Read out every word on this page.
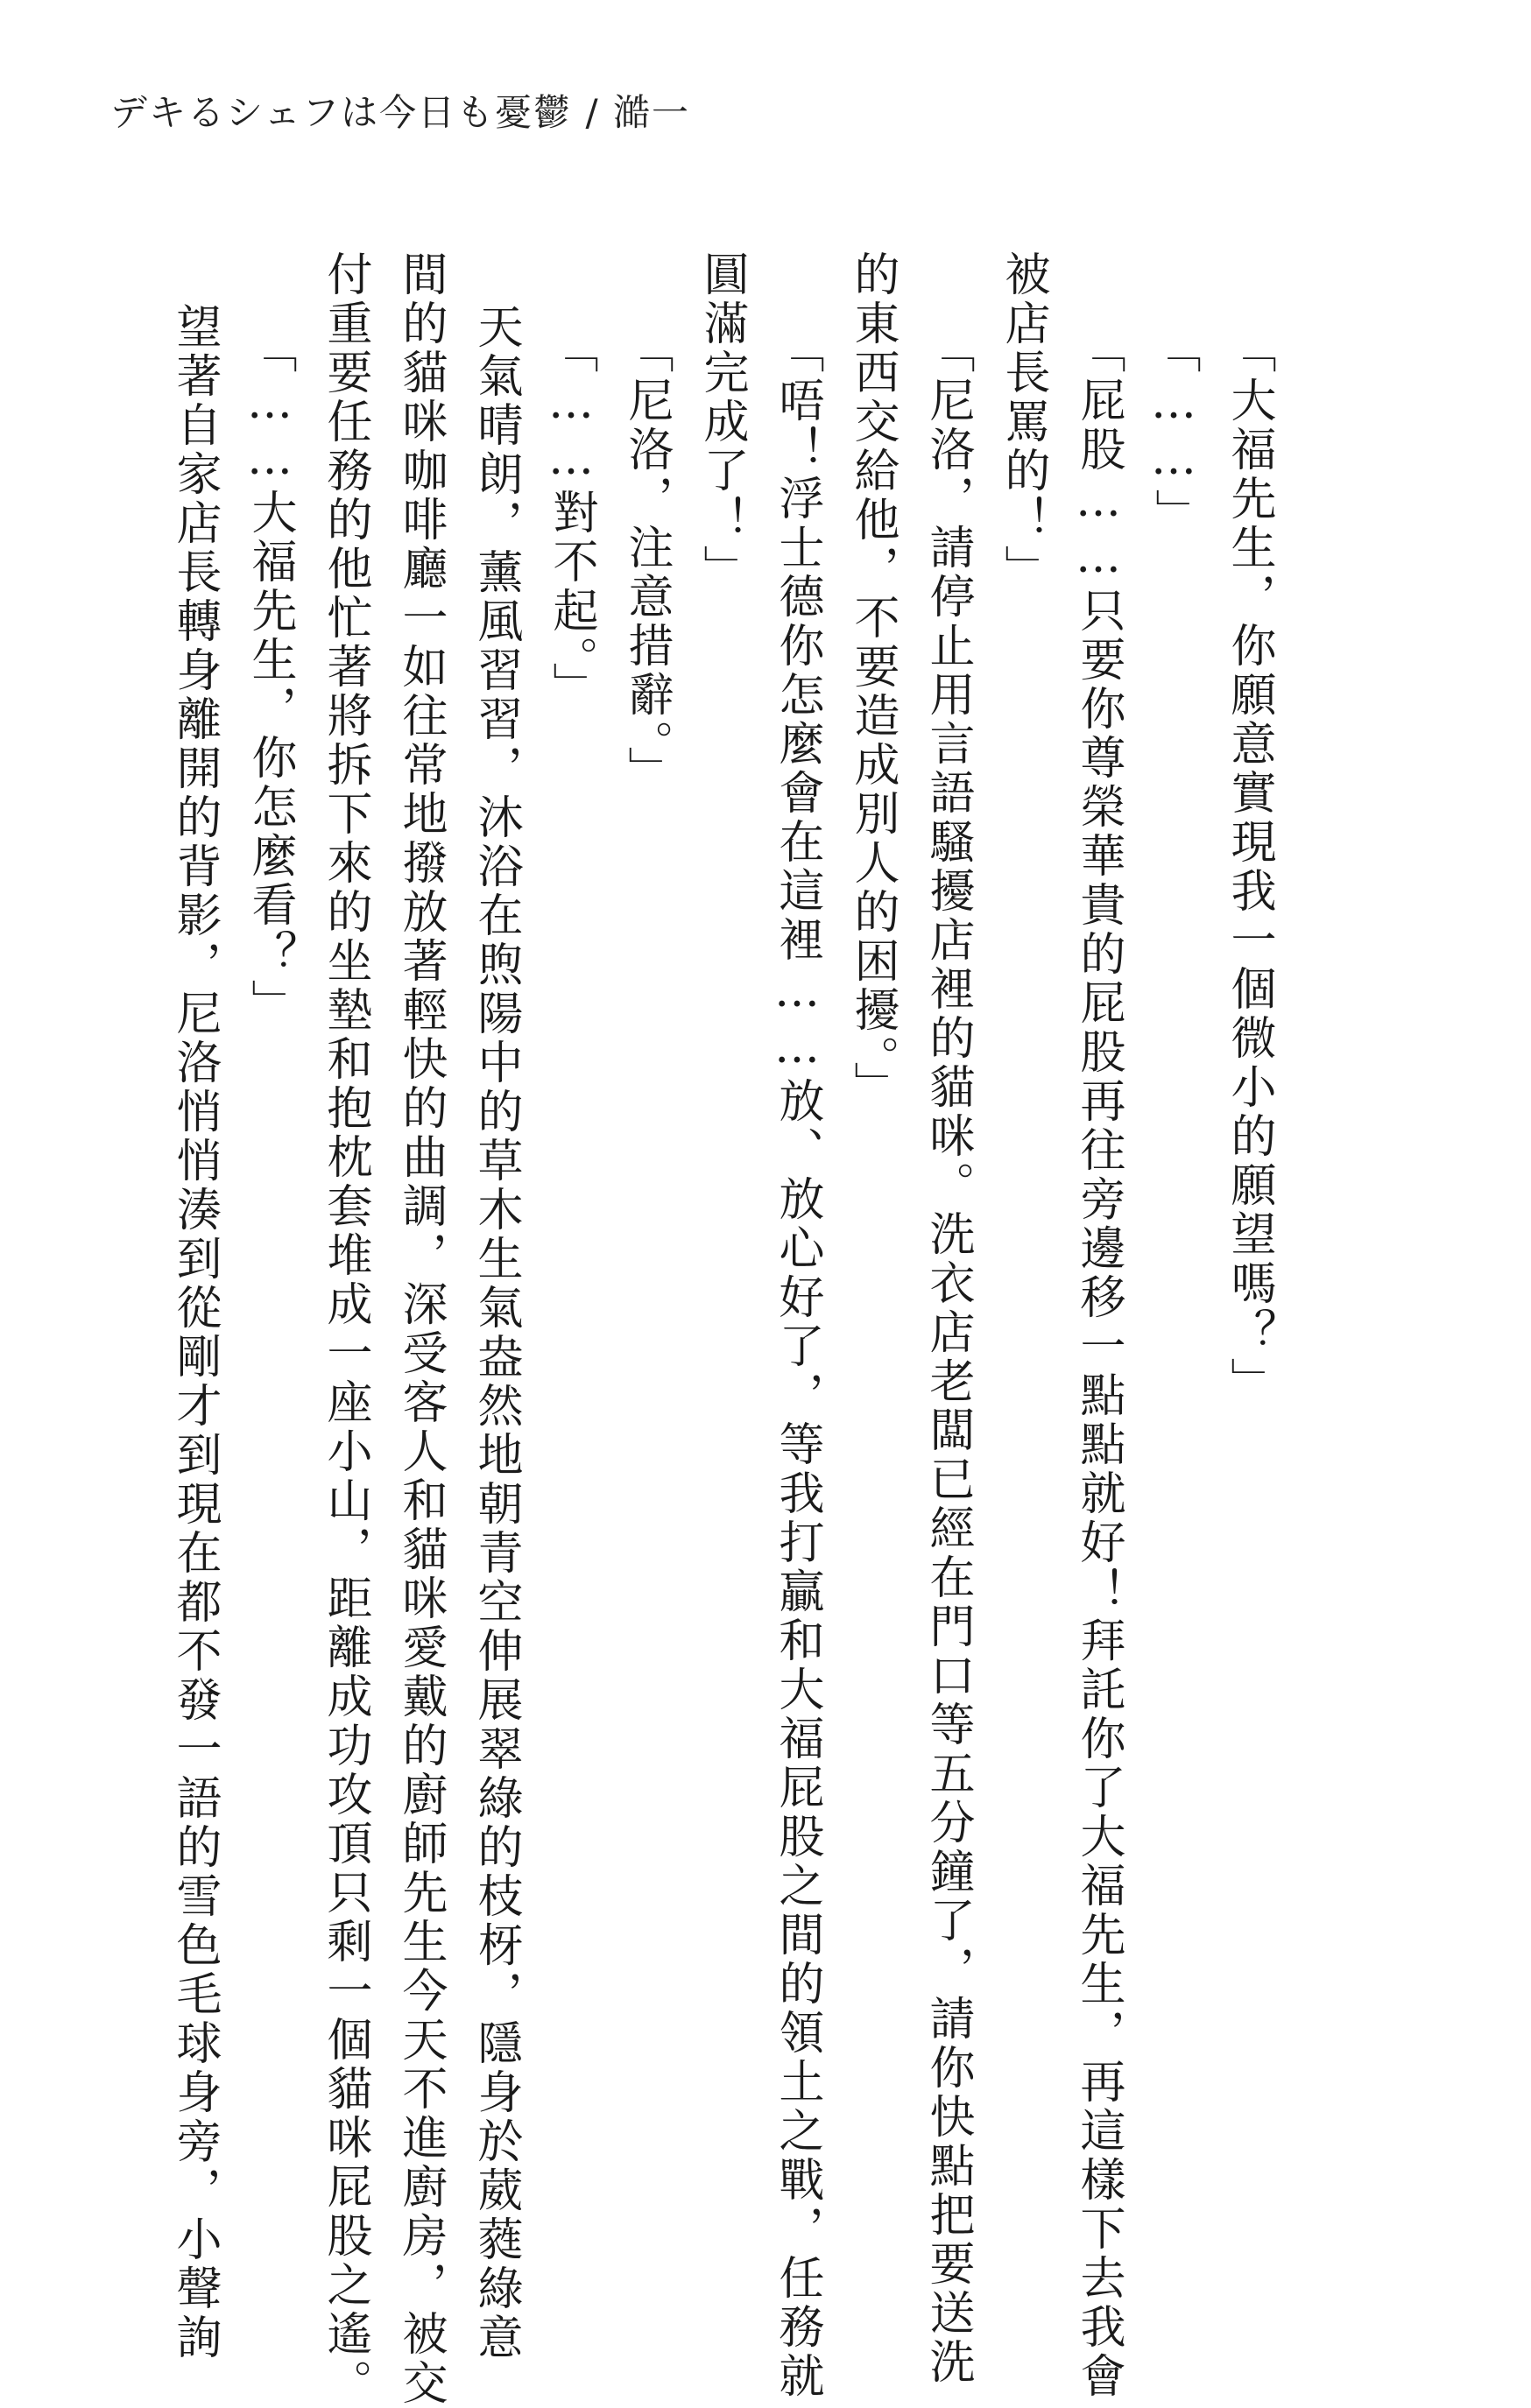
デキるシェフは今日も憂鬱 / 澔一
「大福先生，你願意實現我一個微小的願望嗎？」
「……」
「屁股……只要你尊榮華貴的屁股再往旁邊移一點點就好！拜託你了大福先生，再這樣下去我會
被店長罵的！」
「尼洛，請停止用言語騷擾店裡的貓咪。洗衣店老闆已經在門口等五分鐘了，請你快點把要送洗
的東西交給他，不要造成別人的困擾。」
「唔！浮士德你怎麼會在這裡……放、放心好了，等我打贏和大福屁股之間的領土之戰，任務就
圓滿完成了！」
「尼洛，注意措辭。」
「……對不起。」
天氣晴朗，薰風習習，沐浴在煦陽中的草木生氣盎然地朝青空伸展翠綠的枝枒，隱身於葳蕤綠意
間的貓咪咖啡廳一如往常地撥放著輕快的曲調，深受客人和貓咪愛戴的廚師先生今天不進廚房，被交
付重要任務的他忙著將拆下來的坐墊和抱枕套堆成一座小山，距離成功攻頂只剩一個貓咪屁股之遙。
「……大福先生，你怎麼看？」
望著自家店長轉身離開的背影，尼洛悄悄湊到從剛才到現在都不發一語的雪色毛球身旁，小聲詢
